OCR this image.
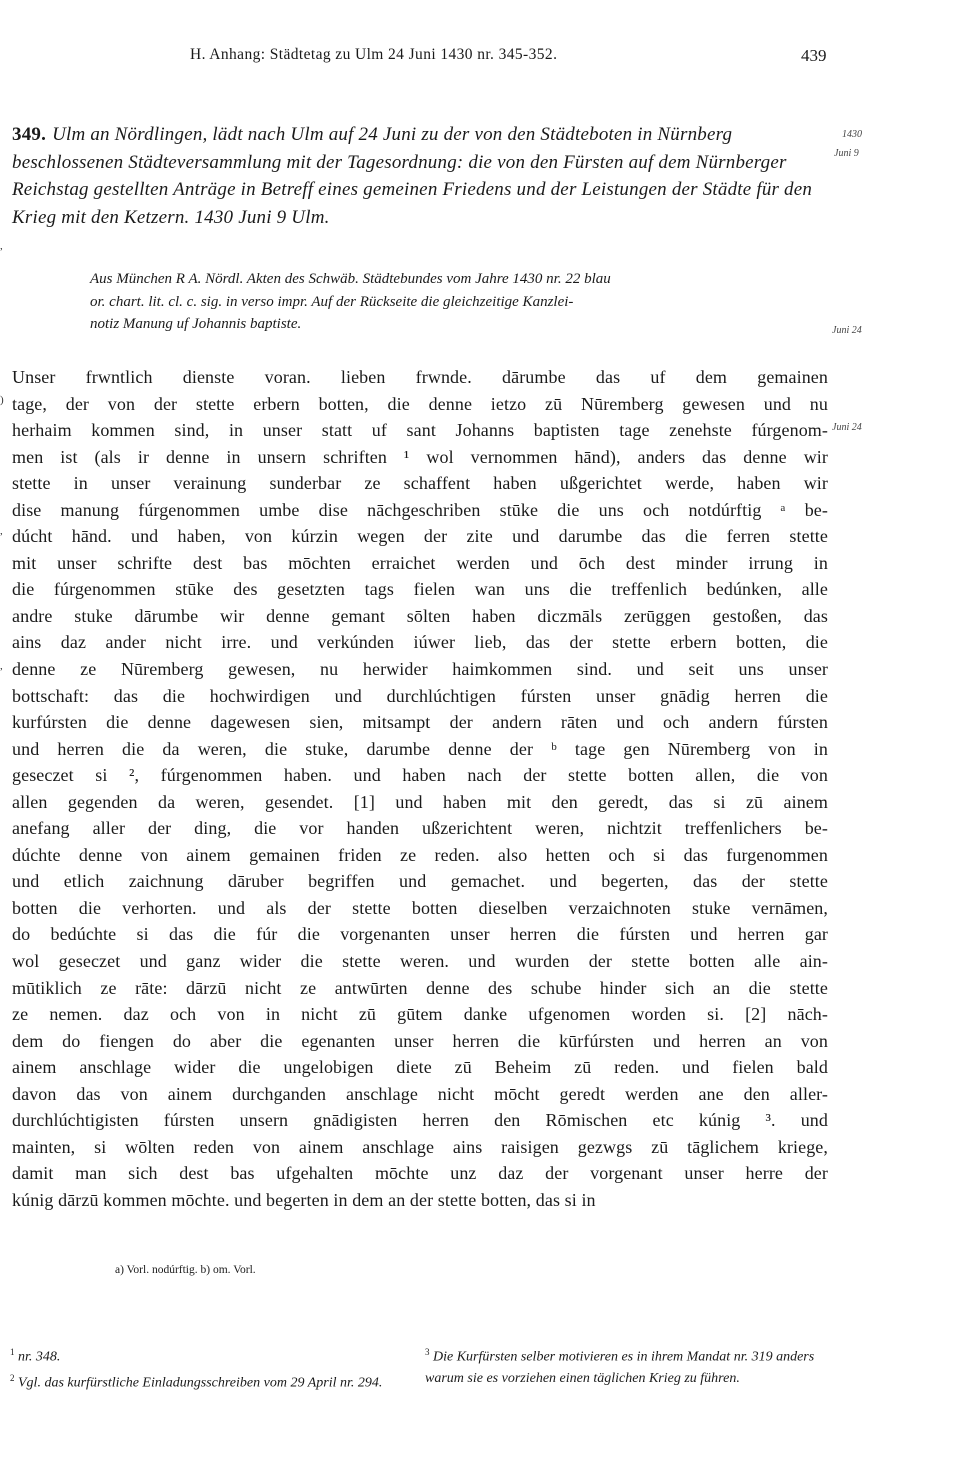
H. Anhang: Städtetag zu Ulm 24 Juni 1430 nr. 345-352.	439
349. Ulm an Nördlingen, lädt nach Ulm auf 24 Juni zu der von den Städteboten in Nürnberg beschlossenen Städteversammlung mit der Tagesordnung: die von den Fürsten auf dem Nürnberger Reichstag gestellten Anträge in Betreff eines gemeinen Friedens und der Leistungen der Städte für den Krieg mit den Ketzern. 1430 Juni 9 Ulm.
1430
Juni 9
Juni 24
Juni 24
Aus München R A. Nördl. Akten des Schwäb. Städtebundes vom Jahre 1430 nr. 22 blau
or. chart. lit. cl. c. sig. in verso impr. Auf der Rückseite die gleichzeitige Kanzlei-
notiz Manung uf Johannis baptiste.
Unser frwntlich dienste voran. lieben frwnde. dārumbe das uf dem gemainen
tage, der von der stette erbern botten, die denne ietzo zū Nūremberg gewesen und nu
herhaim kommen sind, in unser statt uf sant Johanns baptisten tage zenehste fúrgenom-
men ist (als ir denne in unsern schriften ¹ wol vernommen hānd), anders das denne wir
stette in unser verainung sunderbar ze schaffent haben ußgerichtet werde, haben wir
dise manung fúrgenommen umbe dise nāchgeschriben stūke die uns och notdúrftig ᵃ be-
dúcht hānd. und haben, von kúrzin wegen der zite und darumbe das die ferren stette
mit unser schrifte dest bas mōchten erraichet werden und ōch dest minder irrung in
die fúrgenommen stūke des gesetzten tags fielen wan uns die treffenlich bedúnken, alle
andre stuke dārumbe wir denne gemant sōlten haben diczmāls zerūggen gestoßen, das
ains daz ander nicht irre. und verkúnden iúwer lieb, das der stette erbern botten, die
denne ze Nūremberg gewesen, nu herwider haimkommen sind. und seit uns unser
bottschaft: das die hochwirdigen und durchlúchtigen fúrsten unser gnādig herren die
kurfúrsten die denne dagewesen sien, mitsampt der andern rāten und och andern fúrsten
und herren die da weren, die stuke, darumbe denne der ᵇ tage gen Nūremberg von in
geseczet si ², fúrgenommen haben. und haben nach der stette botten allen, die von
allen gegenden da weren, gesendet. [1] und haben mit den geredt, das si zū ainem
anefang aller der ding, die vor handen ußzerichtent weren, nichtzit treffenlichers be-
dúchte denne von ainem gemainen friden ze reden. also hetten och si das furgenommen
und etlich zaichnung dāruber begriffen und gemachet. und begerten, das der stette
botten die verhorten. und als der stette botten dieselben verzaichnoten stuke vernāmen,
do bedúchte si das die fúr die vorgenanten unser herren die fúrsten und herren gar
wol geseczet und ganz wider die stette weren. und wurden der stette botten alle ain-
mūtiklich ze rāte: dārzū nicht ze antwūrten denne des schube hinder sich an die stette
ze nemen. daz och von in nicht zū gūtem danke ufgenomen worden si. [2] nāch-
dem do fiengen do aber die egenanten unser herren die kūrfúrsten und herren an von
ainem anschlage wider die ungelobigen diete zū Beheim zū reden. und fielen bald
davon das von ainem durchganden anschlage nicht mōcht geredt werden ane den aller-
durchlúchtigisten fúrsten unsern gnādigisten herren den Rōmischen etc kúnig ³. und
mainten, si wōlten reden von ainem anschlage ains raisigen gezwgs zū tāglichem kriege,
damit man sich dest bas ufgehalten mōchte unz daz der vorgenant unser herre der
kúnig dārzū kommen mōchte. und begerten in dem an der stette botten, das si in
,
)
,
,
a) Vorl. nodúrftig. b) om. Vorl.
$^1$ nr. 348.
$^2$ Vgl. das kurfürstliche Einladungsschreiben vom 29 April nr. 294.
$^3$ Die Kurfürsten selber motivieren es in ihrem Mandat nr. 319 anders warum sie es vorziehen einen täglichen Krieg zu führen.
